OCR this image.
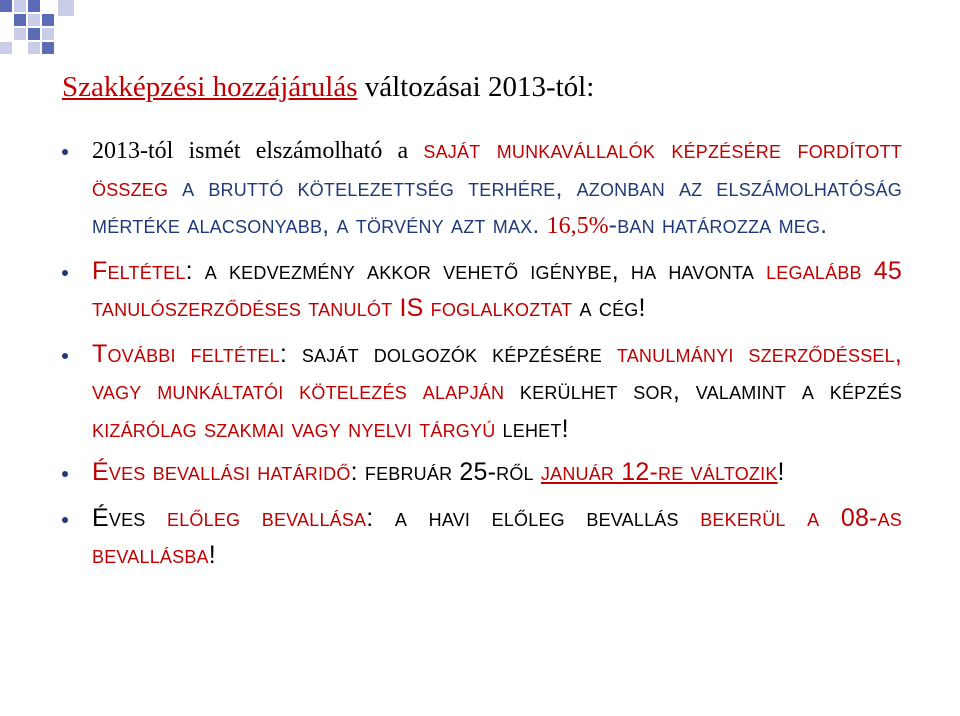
Szakképzési hozzájárulás változásai 2013-tól:
2013-tól ismét elszámolható a saját munkavállalók képzésére fordított összeg a bruttó kötelezettség terhére, azonban az elszámolhatóság mértéke alacsonyabb, a törvény azt max. 16,5%-ban határozza meg.
Feltétel: a kedvezmény akkor vehető igénybe, ha havonta legalább 45 tanulószerződéses tanulót IS foglalkoztat a cég!
További feltétel: saját dolgozók képzésére tanulmányi szerződéssel, vagy munkáltatói kötelezés alapján kerülhet sor, valamint a képzés kizárólag szakmai vagy nyelvi tárgyú lehet!
Éves bevallási határidő: február 25-ről január 12-re változik!
Éves előleg bevallása: a havi előleg bevallás bekerül a 08-as bevallásba!
